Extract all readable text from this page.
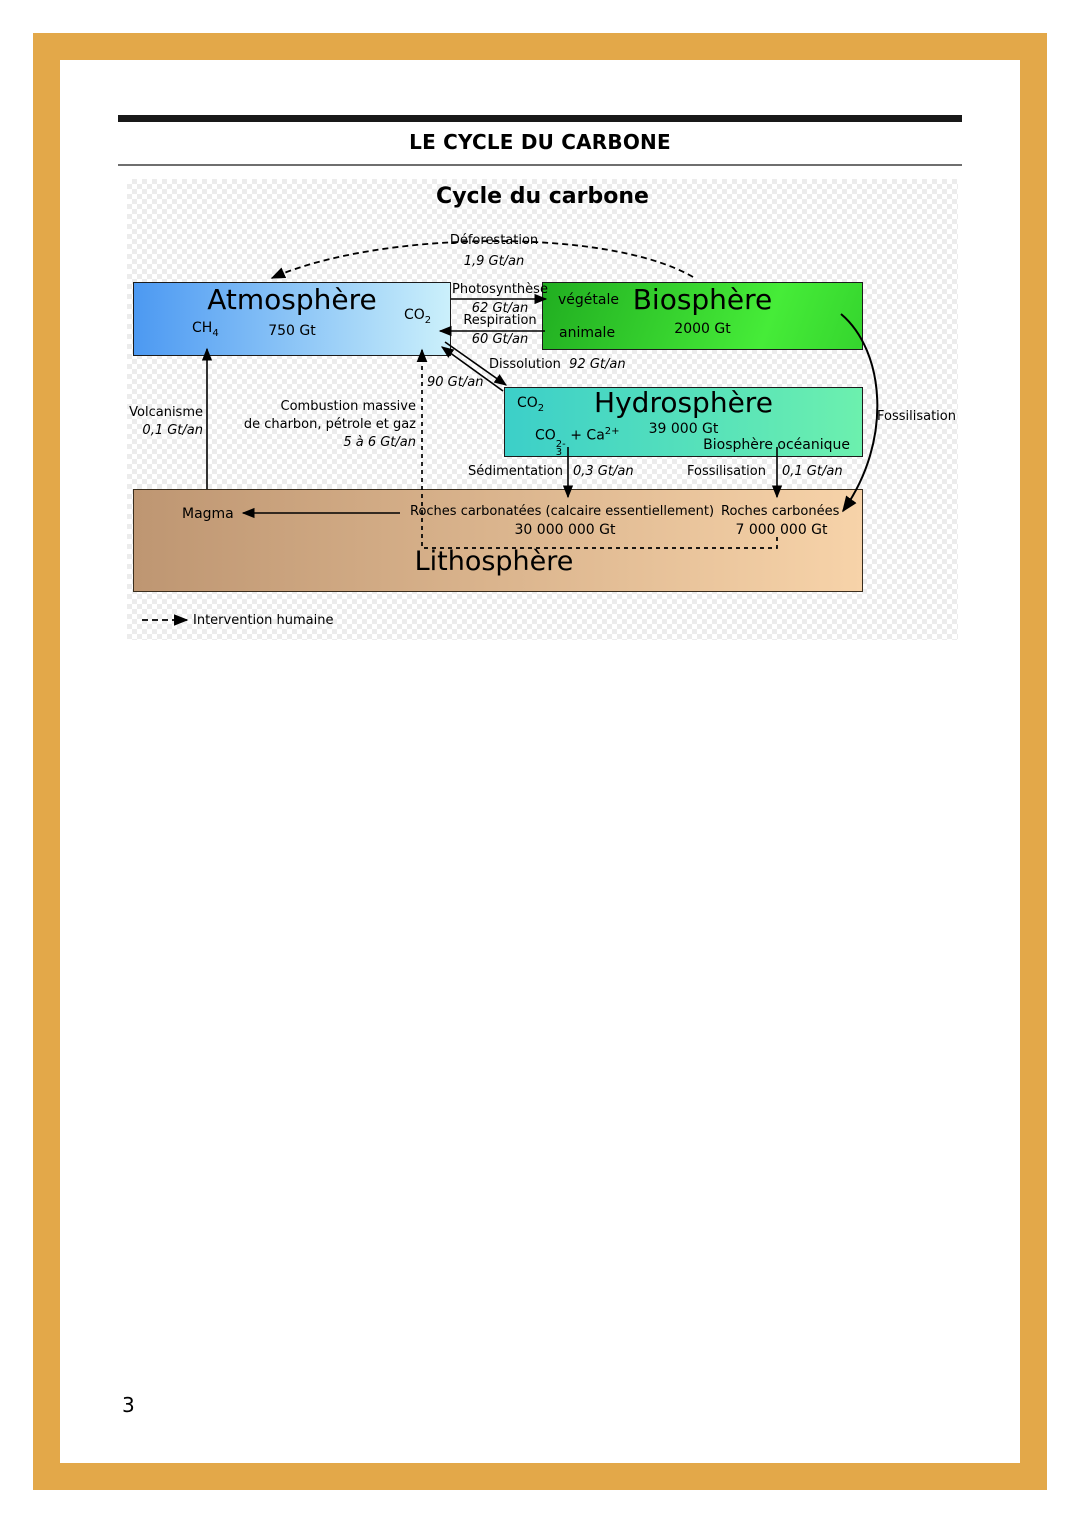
LE CYCLE DU CARBONE
Cycle du carbone
Atmosphère
750 Gt
$CH_4$
$CO_2$
Biosphère
2000 Gt
végétale
animale
Hydrosphère
39 000 Gt
$CO_2$
CO
2-
3
+ $Ca^{2+}$
Biosphère océanique
Magma	Roches carbonatées (calcaire essentiellement)
30 000 000 Gt
Roches carbonées
7 000 000 Gt
Lithosphère
Déforestation
1,9 Gt/an
Photosynthèse
62 Gt/an
Respiration
60 Gt/an
Dissolution 92 Gt/an
90 Gt/an
Volcanisme
0,1 Gt/an
Combustion massive
de charbon, pétrole et gaz
5 à 6 Gt/an
Sédimentation 0,3 Gt/an	Fossilisation 0,1 Gt/an
Fossilisation
Intervention humaine
3
